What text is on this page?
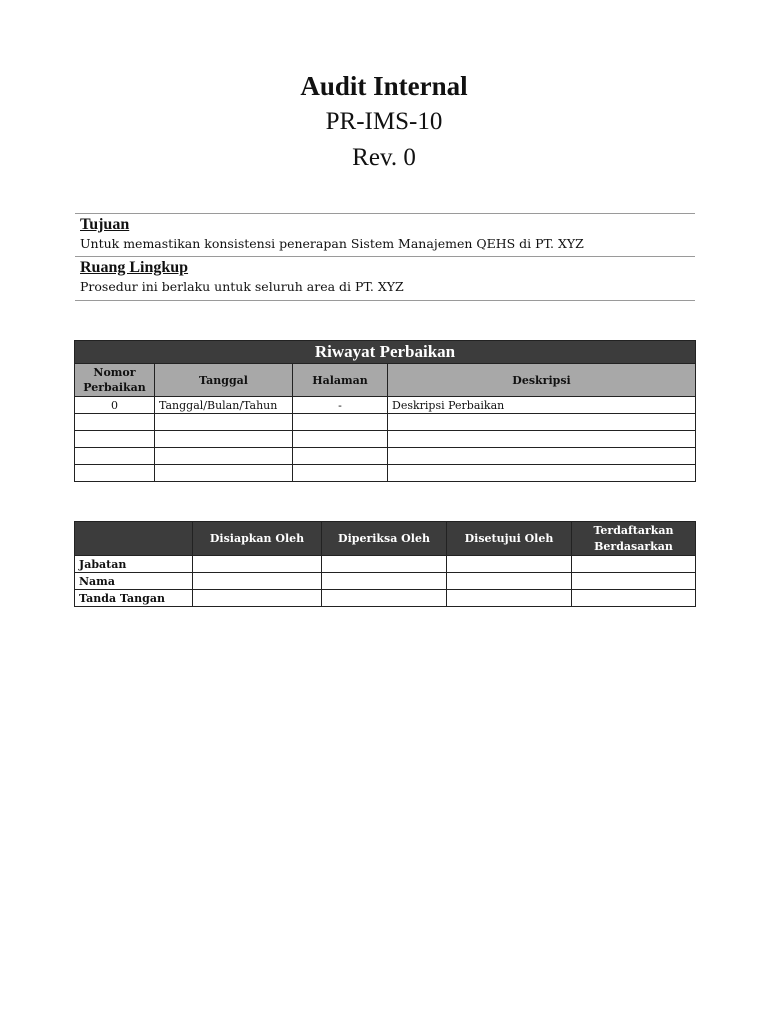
Audit Internal
PR-IMS-10
Rev. 0
Tujuan
Untuk memastikan konsistensi penerapan Sistem Manajemen QEHS di PT. XYZ
Ruang Lingkup
Prosedur ini berlaku untuk seluruh area di PT. XYZ
Riwayat Perbaikan			
Nomor Perbaikan	Tanggal	Halaman	Deskripsi
0	Tanggal/Bulan/Tahun	-	Deskripsi Perbaikan

	Disiapkan Oleh	Diperiksa Oleh	Disetujui Oleh	Terdaftarkan Berdasarkan
Jabatan				
Nama				
Tanda Tangan				
